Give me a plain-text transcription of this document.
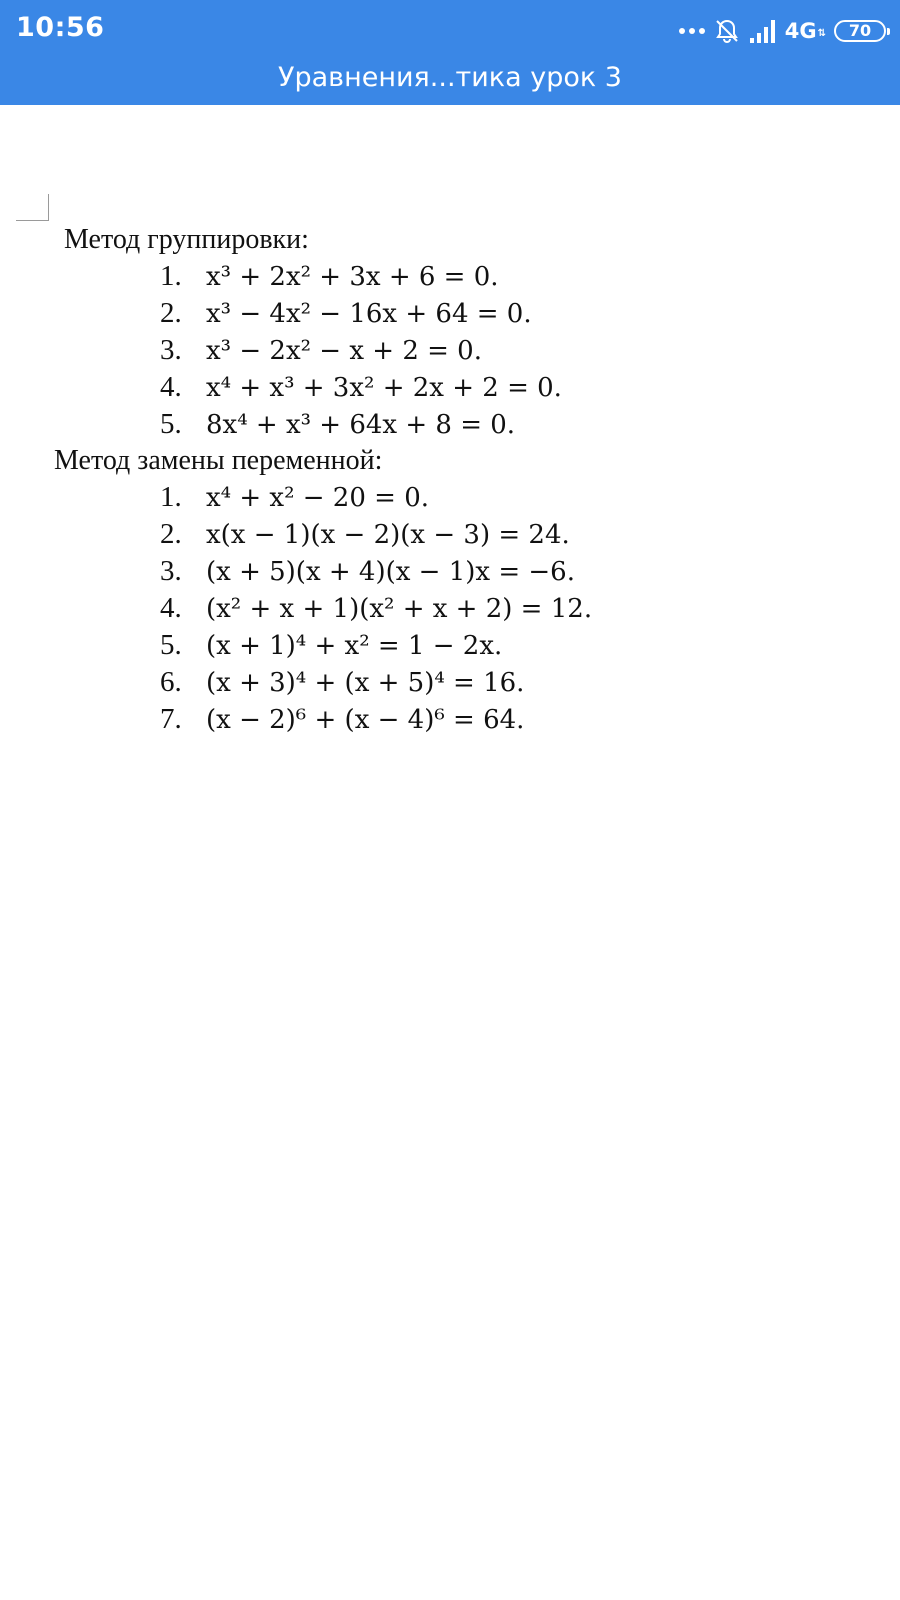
10:56	4G ⇅ 70
Уравнения...тика урок 3
Метод группировки:
1. x³ + 2x² + 3x + 6 = 0.
2. x³ − 4x² − 16x + 64 = 0.
3. x³ − 2x² − x + 2 = 0.
4. x⁴ + x³ + 3x² + 2x + 2 = 0.
5. 8x⁴ + x³ + 64x + 8 = 0.
Метод замены переменной:
1. x⁴ + x² − 20 = 0.
2. x(x − 1)(x − 2)(x − 3) = 24.
3. (x + 5)(x + 4)(x − 1)x = −6.
4. (x² + x + 1)(x² + x + 2) = 12.
5. (x + 1)⁴ + x² = 1 − 2x.
6. (x + 3)⁴ + (x + 5)⁴ = 16.
7. (x − 2)⁶ + (x − 4)⁶ = 64.
